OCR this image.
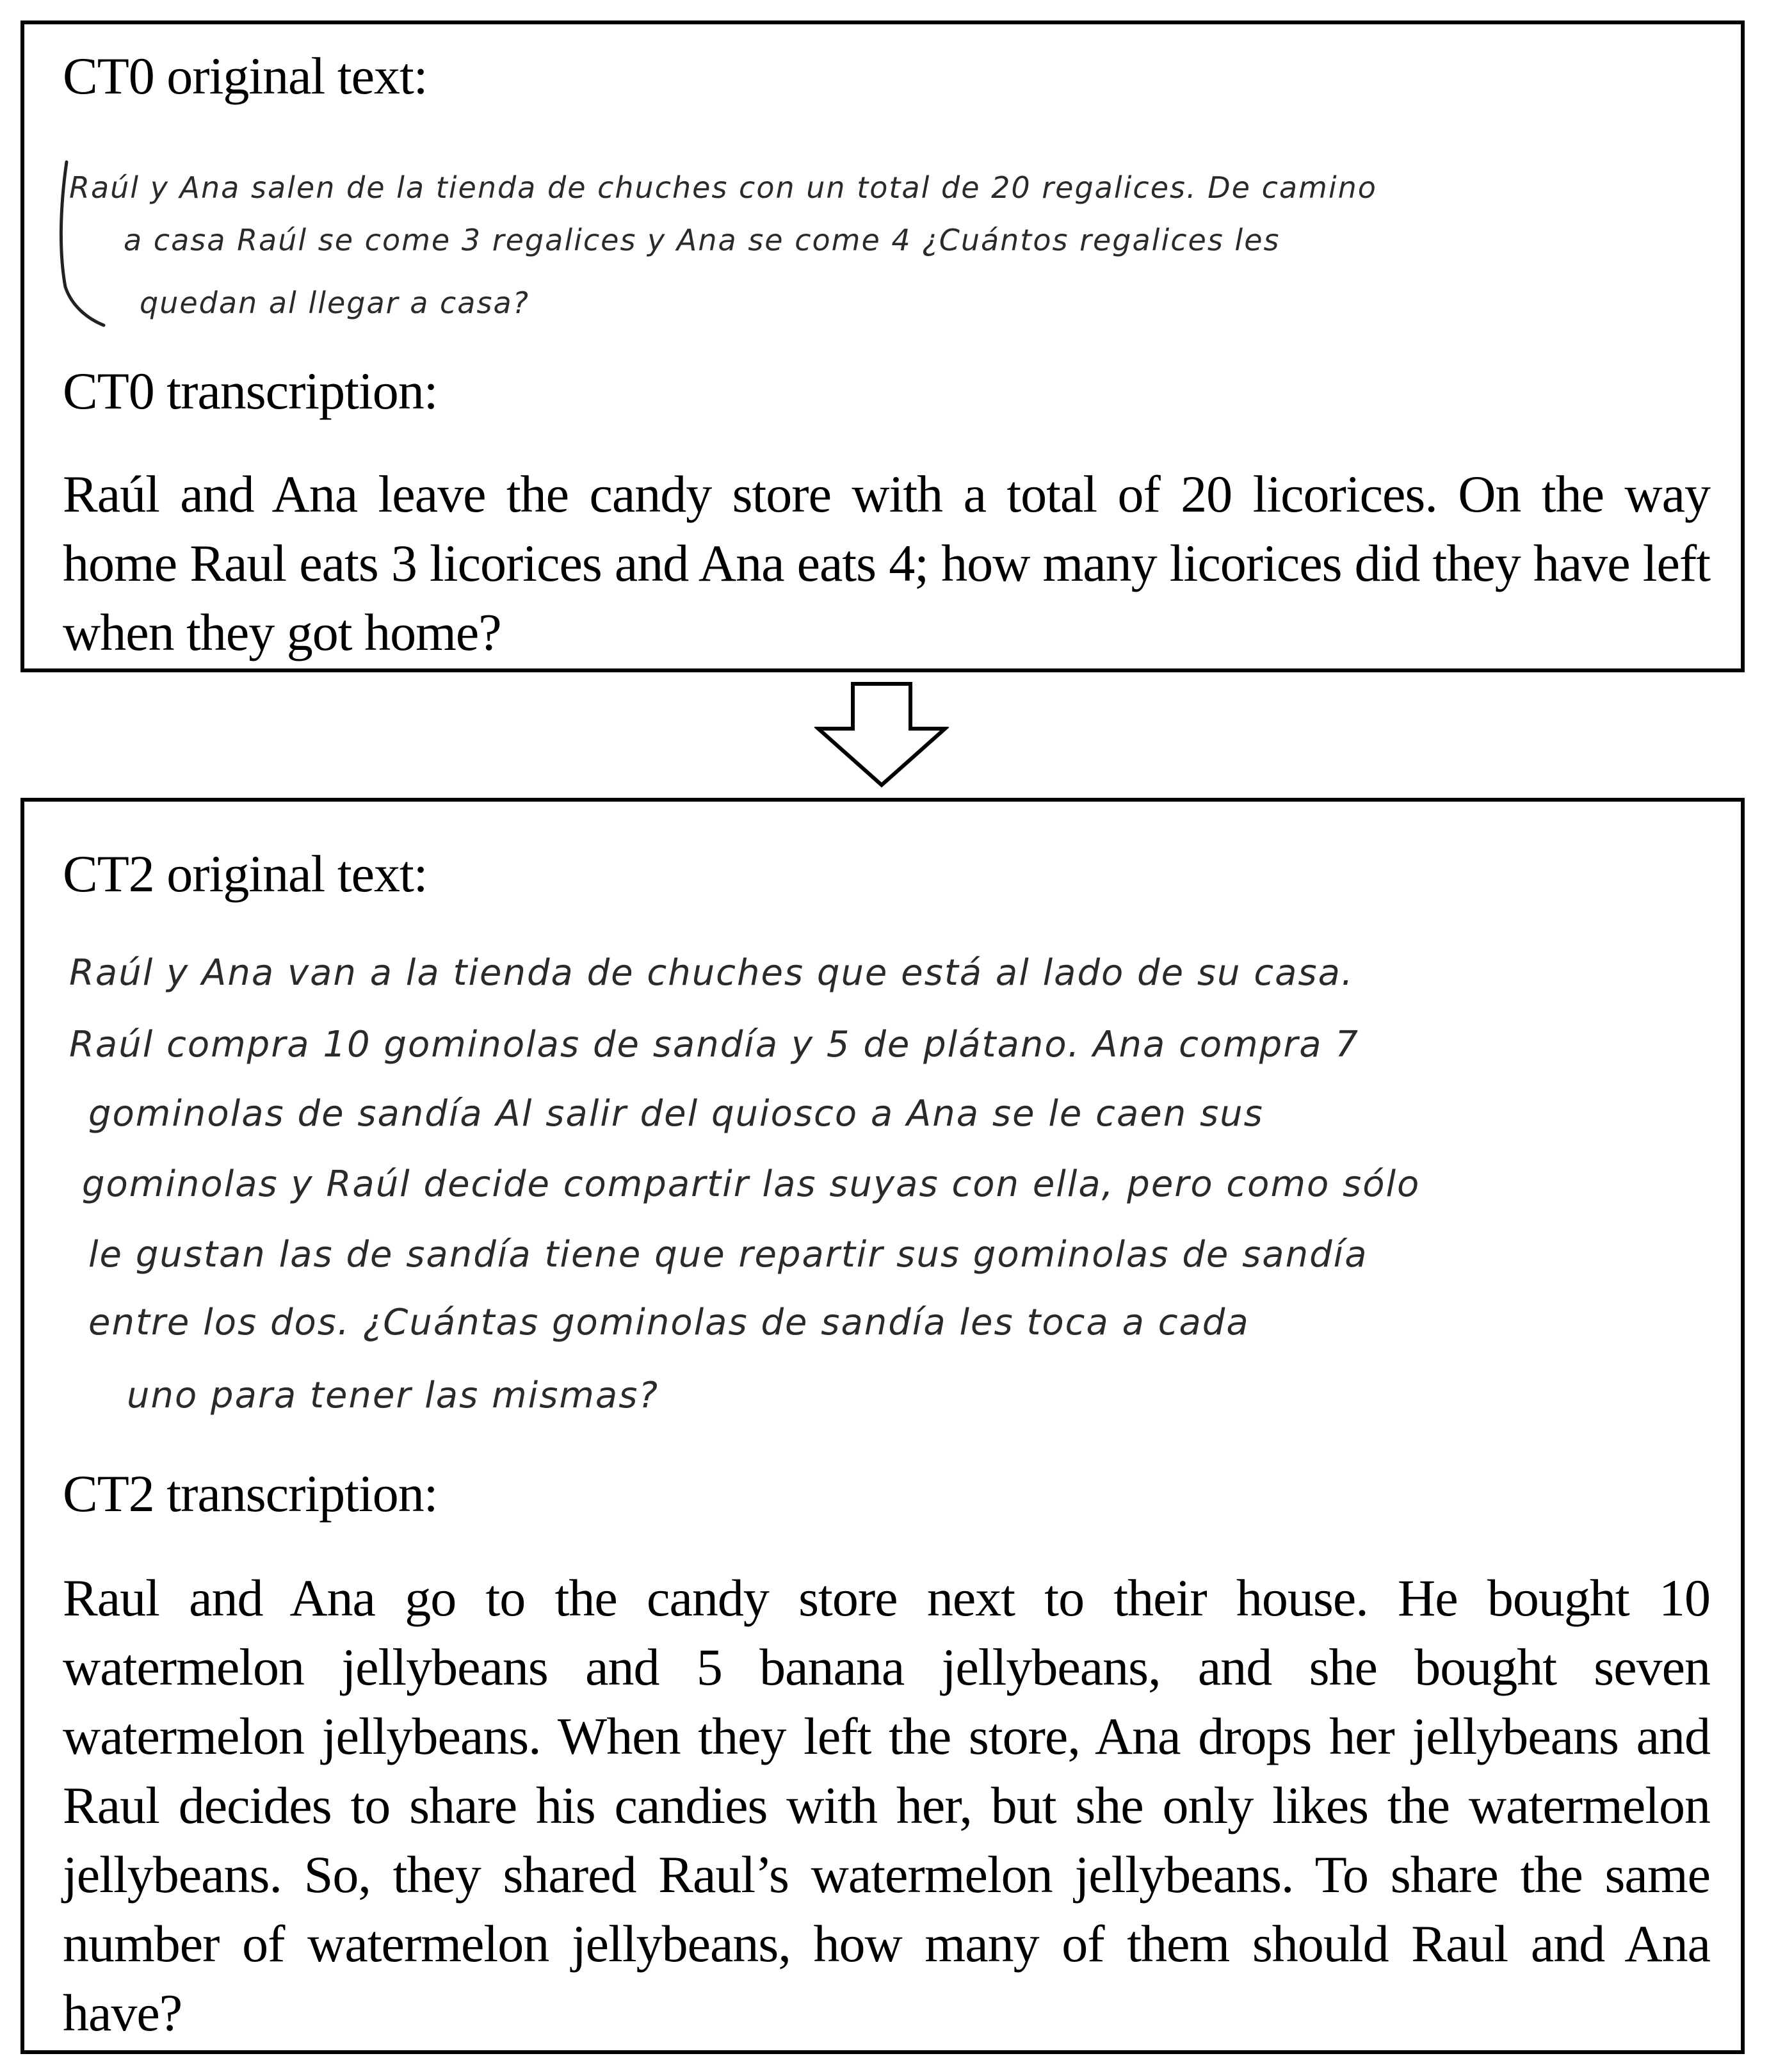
CT0 original text:
Raúl y Ana salen de la tienda de chuches con un total de 20 regalices. De camino
a casa Raúl se come 3 regalices y Ana se come 4 ¿Cuántos regalices les
quedan al llegar a casa?
CT0 transcription:

Raúl and Ana leave the candy store with a total of 20 licorices. On the way home Raul eats 3 licorices and Ana eats 4; how many licorices did they have left when they got home?

CT2 original text:
Raúl y Ana van a la tienda de chuches que está al lado de su casa.
Raúl compra 10 gominolas de sandía y 5 de plátano. Ana compra 7
gominolas de sandía Al salir del quiosco a Ana se le caen sus
gominolas y Raúl decide compartir las suyas con ella, pero como sólo
le gustan las de sandía tiene que repartir sus gominolas de sandía
entre los dos. ¿Cuántas gominolas de sandía les toca a cada
uno para tener las mismas?
CT2 transcription:

Raul and Ana go to the candy store next to their house. He bought 10 watermelon jellybeans and 5 banana jellybeans, and she bought seven watermelon jellybeans. When they left the store, Ana drops her jellybeans and Raul decides to share his candies with her, but she only likes the watermelon jellybeans. So, they shared Raul’s watermelon jellybeans. To share the same number of watermelon jellybeans, how many of them should Raul and Ana have?
